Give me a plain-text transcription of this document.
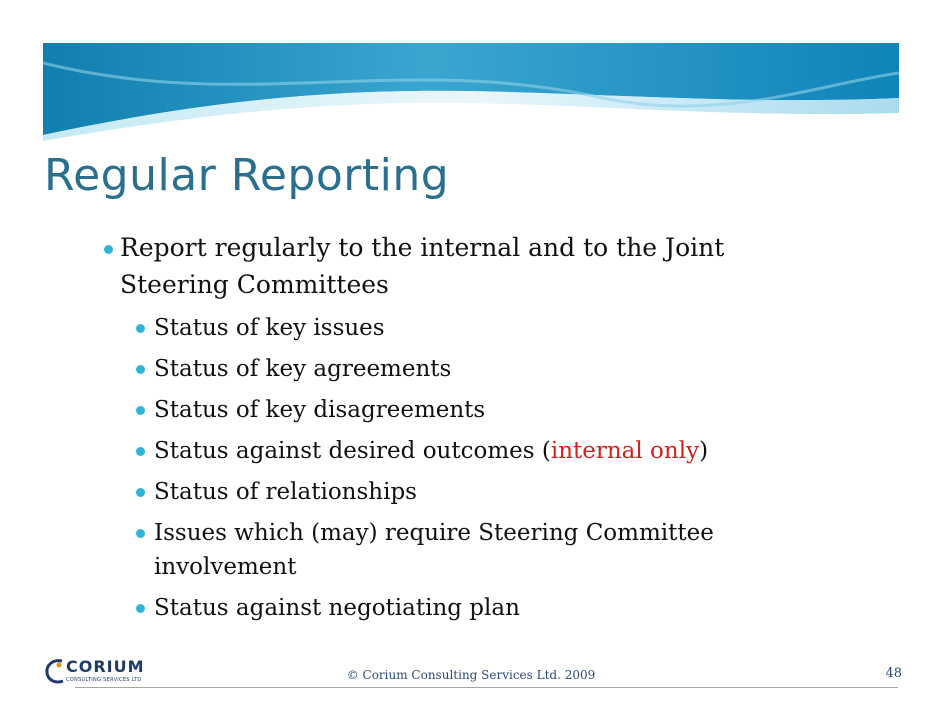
Regular Reporting
Report regularly to the internal and to the Joint
Steering Committees
Status of key issues
Status of key agreements
Status of key disagreements
Status against desired outcomes (internal only)
Status of relationships
Issues which (may) require Steering Committee
involvement
Status against negotiating plan
CORIUM
CONSULTING SERVICES LTD	© Corium Consulting Services Ltd. 2009	48
